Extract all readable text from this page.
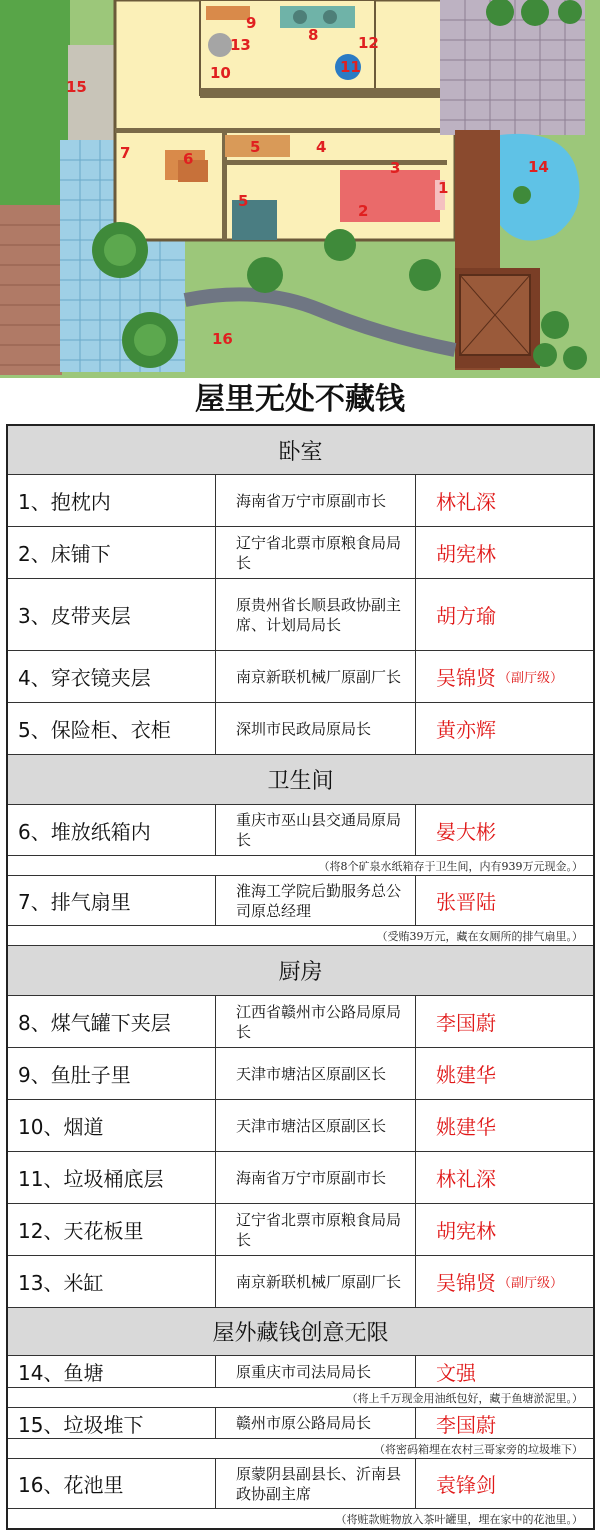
1
2
3
4
5
5
6
7
8
9
10	11
12
13
14
15
16
屋里无处不藏钱
卧室
1、抱枕内	海南省万宁市原副市长	林礼深
2、床铺下	辽宁省北票市原粮食局局长	胡宪林
3、皮带夹层	原贵州省长顺县政协副主席、计划局局长	胡方瑜
4、穿衣镜夹层	南京新联机械厂原副厂长	吴锦贤 （副厅级）
5、保险柜、衣柜	深圳市民政局原局长	黄亦辉
卫生间
6、堆放纸箱内	重庆市巫山县交通局原局长	晏大彬
（将8个矿泉水纸箱存于卫生间，内有939万元现金。）
7、排气扇里	淮海工学院后勤服务总公司原总经理	张晋陆
（受贿39万元，藏在女厕所的排气扇里。）
厨房
8、煤气罐下夹层	江西省赣州市公路局原局长	李国蔚
9、鱼肚子里	天津市塘沽区原副区长	姚建华
10、烟道	天津市塘沽区原副区长	姚建华
11、垃圾桶底层	海南省万宁市原副市长	林礼深
12、天花板里	辽宁省北票市原粮食局局长	胡宪林
13、米缸	南京新联机械厂原副厂长	吴锦贤 （副厅级）
屋外藏钱创意无限
14、鱼塘	原重庆市司法局局长	文强
（将上千万现金用油纸包好，藏于鱼塘淤泥里。）
15、垃圾堆下	赣州市原公路局局长	李国蔚
（将密码箱埋在农村三哥家旁的垃圾堆下）
16、花池里	原蒙阴县副县长、沂南县政协副主席	袁锋剑
（将赃款赃物放入茶叶罐里，埋在家中的花池里。）
